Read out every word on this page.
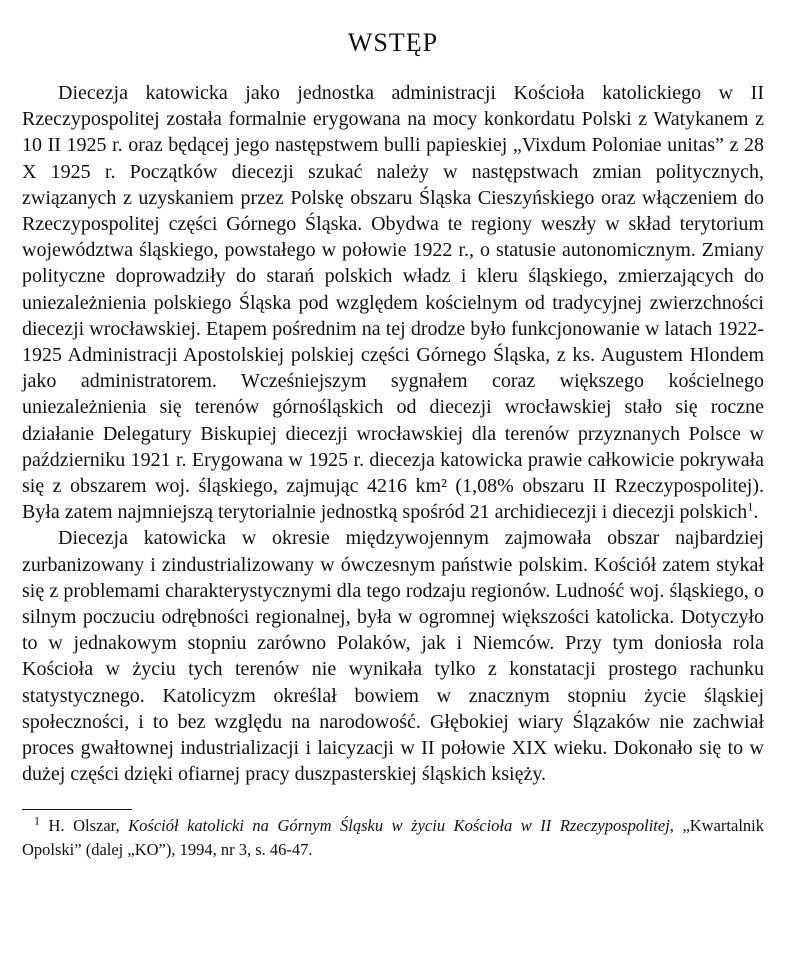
WSTĘP

Diecezja katowicka jako jednostka administracji Kościoła katolickiego w II Rzeczypospolitej została formalnie erygowana na mocy konkordatu Polski z Watykanem z 10 II 1925 r. oraz będącej jego następstwem bulli papieskiej „Vixdum Poloniae unitas” z 28 X 1925 r. Początków diecezji szukać należy w następstwach zmian politycznych, związanych z uzyskaniem przez Polskę obszaru Śląska Cieszyńskiego oraz włączeniem do Rzeczypospolitej części Górnego Śląska. Obydwa te regiony weszły w skład terytorium województwa śląskiego, powstałego w połowie 1922 r., o statusie autonomicznym. Zmiany polityczne doprowadziły do starań polskich władz i kleru śląskiego, zmierzających do uniezależnienia polskiego Śląska pod względem kościelnym od tradycyjnej zwierzchności diecezji wrocławskiej. Etapem pośrednim na tej drodze było funkcjonowanie w latach 1922-1925 Administracji Apostolskiej polskiej części Górnego Śląska, z ks. Augustem Hlondem jako administratorem. Wcześniejszym sygnałem coraz większego kościelnego uniezależnienia się terenów górnośląskich od diecezji wrocławskiej stało się roczne działanie Delegatury Biskupiej diecezji wrocławskiej dla terenów przyznanych Polsce w październiku 1921 r. Erygowana w 1925 r. diecezja katowicka prawie całkowicie pokrywała się z obszarem woj. śląskiego, zajmując 4216 km² (1,08% obszaru II Rzeczypospolitej). Była zatem najmniejszą terytorialnie jednostką spośród 21 archidiecezji i diecezji polskich$^1$.

Diecezja katowicka w okresie międzywojennym zajmowała obszar najbardziej zurbanizowany i zindustrializowany w ówczesnym państwie polskim. Kościół zatem stykał się z problemami charakterystycznymi dla tego rodzaju regionów. Ludność woj. śląskiego, o silnym poczuciu odrębności regionalnej, była w ogromnej większości katolicka. Dotyczyło to w jednakowym stopniu zarówno Polaków, jak i Niemców. Przy tym doniosła rola Kościoła w życiu tych terenów nie wynikała tylko z konstatacji prostego rachunku statystycznego. Katolicyzm określał bowiem w znacznym stopniu życie śląskiej społeczności, i to bez względu na narodowość. Głębokiej wiary Ślązaków nie zachwiał proces gwałtownej industrializacji i laicyzacji w II połowie XIX wieku. Dokonało się to w dużej części dzięki ofiarnej pracy duszpasterskiej śląskich księży.

$^1$ H. Olszar, Kościół katolicki na Górnym Śląsku w życiu Kościoła w II Rzeczypospolitej, „Kwartalnik Opolski” (dalej „KO”), 1994, nr 3, s. 46-47.
